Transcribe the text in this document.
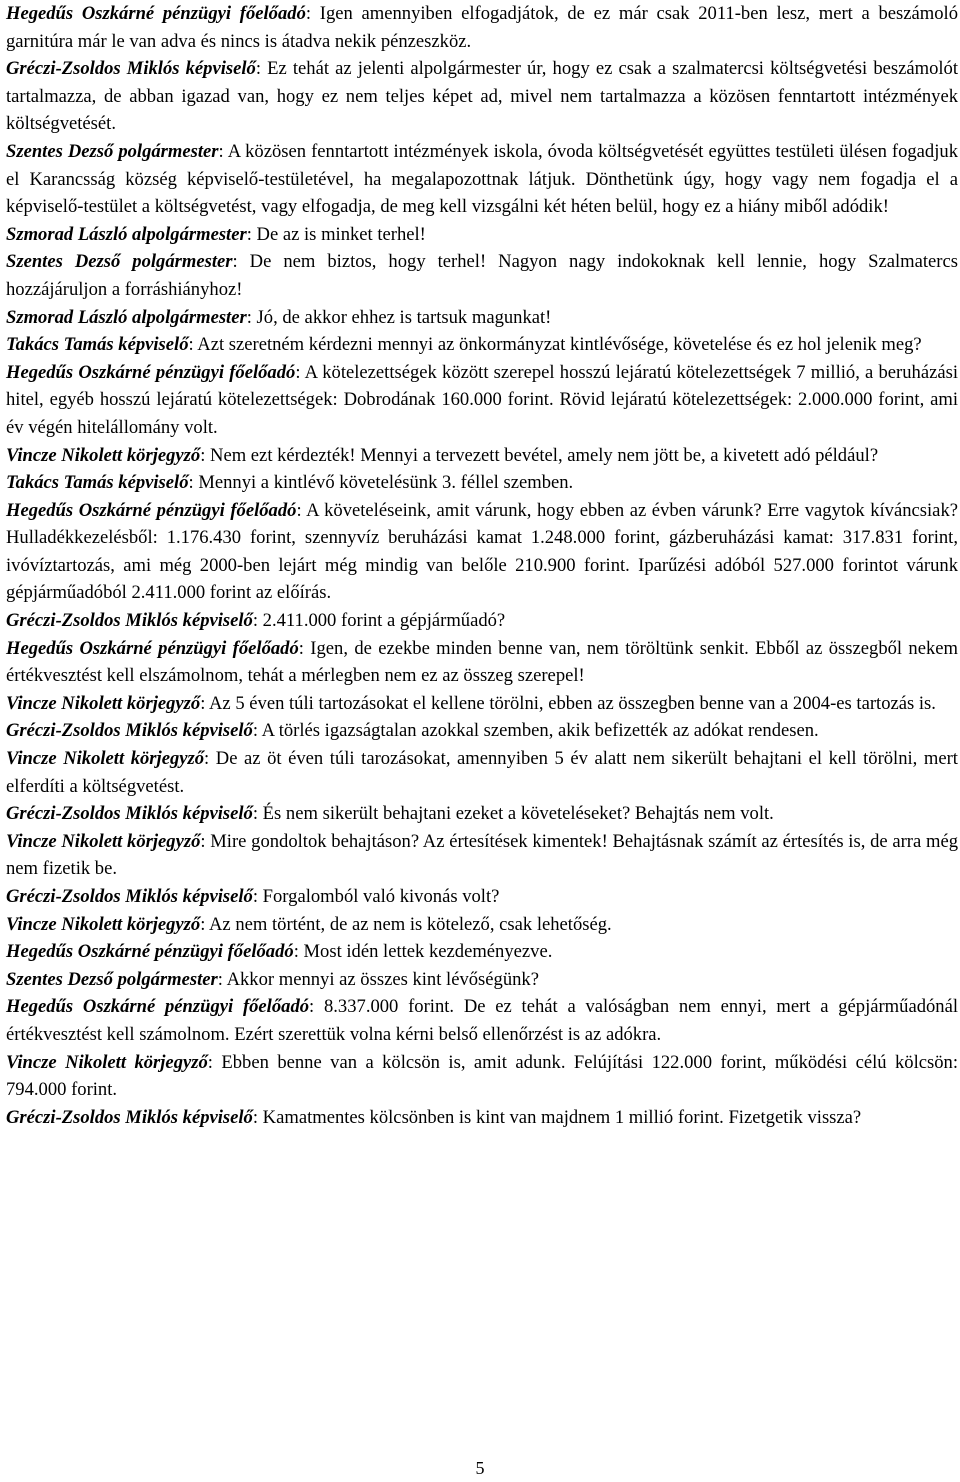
Hegedűs Oszkárné pénzügyi főelőadó: Igen amennyiben elfogadjátok, de ez már csak 2011-ben lesz, mert a beszámoló garnitúra már le van adva és nincs is átadva nekik pénzeszköz.

Gréczi-Zsoldos Miklós képviselő: Ez tehát az jelenti alpolgármester úr, hogy ez csak a szalmatercsi költségvetési beszámolót tartalmazza, de abban igazad van, hogy ez nem teljes képet ad, mivel nem tartalmazza a közösen fenntartott intézmények költségvetését.

Szentes Dezső polgármester: A közösen fenntartott intézmények iskola, óvoda költségvetését együttes testületi ülésen fogadjuk el Karancsság község képviselő-testületével, ha megalapozottnak látjuk. Dönthetünk úgy, hogy vagy nem fogadja el a képviselő-testület a költségvetést, vagy elfogadja, de meg kell vizsgálni két héten belül, hogy ez a hiány miből adódik!

Szmorad László alpolgármester: De az is minket terhel!

Szentes Dezső polgármester: De nem biztos, hogy terhel! Nagyon nagy indokoknak kell lennie, hogy Szalmatercs hozzájáruljon a forráshiányhoz!

Szmorad László alpolgármester: Jó, de akkor ehhez is tartsuk magunkat!

Takács Tamás képviselő: Azt szeretném kérdezni mennyi az önkormányzat kintlévősége, követelése és ez hol jelenik meg?

Hegedűs Oszkárné pénzügyi főelőadó: A kötelezettségek között szerepel hosszú lejáratú kötelezettségek 7 millió, a beruházási hitel, egyéb hosszú lejáratú kötelezettségek: Dobrodának 160.000 forint. Rövid lejáratú kötelezettségek: 2.000.000 forint, ami év végén hitelállomány volt.

Vincze Nikolett körjegyző: Nem ezt kérdezték! Mennyi a tervezett bevétel, amely nem jött be, a kivetett adó például?

Takács Tamás képviselő: Mennyi a kintlévő követelésünk 3. féllel szemben.

Hegedűs Oszkárné pénzügyi főelőadó: A követeléseink, amit várunk, hogy ebben az évben várunk? Erre vagytok kíváncsiak? Hulladékkezelésből: 1.176.430 forint, szennyvíz beruházási kamat 1.248.000 forint, gázberuházási kamat: 317.831 forint, ivóvíztartozás, ami még 2000-ben lejárt még mindig van belőle 210.900 forint. Iparűzési adóból 527.000 forintot várunk gépjárműadóból 2.411.000 forint az előírás.

Gréczi-Zsoldos Miklós képviselő: 2.411.000 forint a gépjárműadó?

Hegedűs Oszkárné pénzügyi főelőadó: Igen, de ezekbe minden benne van, nem töröltünk senkit. Ebből az összegből nekem értékvesztést kell elszámolnom, tehát a mérlegben nem ez az összeg szerepel!

Vincze Nikolett körjegyző: Az 5 éven túli tartozásokat el kellene törölni, ebben az összegben benne van a 2004-es tartozás is.

Gréczi-Zsoldos Miklós képviselő: A törlés igazságtalan azokkal szemben, akik befizették az adókat rendesen.

Vincze Nikolett körjegyző: De az öt éven túli tarozásokat, amennyiben 5 év alatt nem sikerült behajtani el kell törölni, mert elferdíti a költségvetést.

Gréczi-Zsoldos Miklós képviselő: És nem sikerült behajtani ezeket a követeléseket? Behajtás nem volt.

Vincze Nikolett körjegyző: Mire gondoltok behajtáson? Az értesítések kimentek! Behajtásnak számít az értesítés is, de arra még nem fizetik be.

Gréczi-Zsoldos Miklós képviselő: Forgalomból való kivonás volt?

Vincze Nikolett körjegyző: Az nem történt, de az nem is kötelező, csak lehetőség.

Hegedűs Oszkárné pénzügyi főelőadó: Most idén lettek kezdeményezve.

Szentes Dezső polgármester: Akkor mennyi az összes kint lévőségünk?

Hegedűs Oszkárné pénzügyi főelőadó: 8.337.000 forint. De ez tehát a valóságban nem ennyi, mert a gépjárműadónál értékvesztést kell számolnom. Ezért szerettük volna kérni belső ellenőrzést is az adókra.

Vincze Nikolett körjegyző: Ebben benne van a kölcsön is, amit adunk. Felújítási 122.000 forint, működési célú kölcsön: 794.000 forint.

Gréczi-Zsoldos Miklós képviselő: Kamatmentes kölcsönben is kint van majdnem 1 millió forint. Fizetgetik vissza?

5
